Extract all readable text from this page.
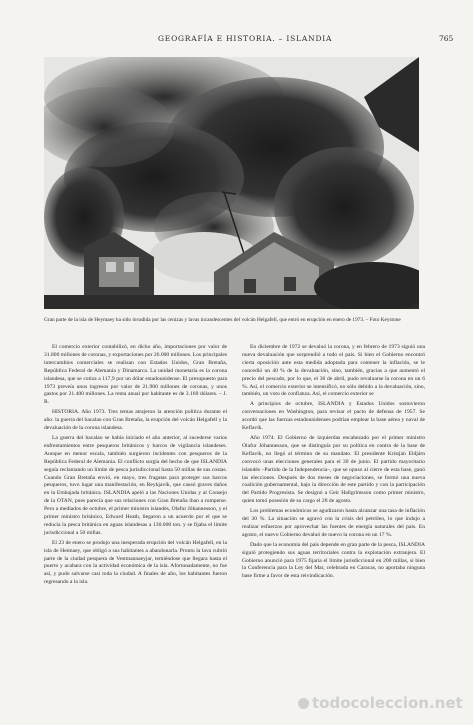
GEOGRAFÍA E HISTORIA. – ISLANDIA	765
Gran parte de la isla de Heymaey ha sido invadida por las cenizas y lavas incandescentes del volcán Helgafell, que entró en erupción en enero de 1973. – Foto Keystone

El comercio exterior contabilizó, en dicho año, importaciones por valor de 31.800 millones de coronas, y exportaciones por 26.000 millones. Los principales intercambios comerciales se realizan con Estados Unidos, Gran Bretaña, República Federal de Alemania y Dinamarca. La unidad monetaria es la corona islandesa, que se cotiza a 117,9 por un dólar estadounidense. El presupuesto para 1973 preveía unos ingresos por valor de 21.900 millones de coronas, y unos gastos por 21.400 millones. La renta anual por habitante es de 3.160 dólares. – J. R.

HISTORIA. Año 1973. Tres temas atrajeron la atención política durante el año: la guerra del bacalao con Gran Bretaña, la erupción del volcán Helgafell y la devaluación de la corona islandesa.

La guerra del bacalao se había iniciado el año anterior, al sucederse varios enfrentamientos entre pesqueros británicos y barcos de vigilancia islandeses. Aunque en menor escala, también surgieron incidentes con pesqueros de la República Federal de Alemania. El conflicto surgía del hecho de que ISLANDIA seguía reclamando un límite de pesca jurisdiccional hasta 50 millas de sus costas. Cuando Gran Bretaña envió, en mayo, tres fragatas para proteger sus barcos pesqueros, tuvo lugar una manifestación, en Reykjavík, que causó graves daños en la Embajada británica. ISLANDIA apeló a las Naciones Unidas y al Consejo de la OTAN, pues parecía que sus relaciones con Gran Bretaña iban a romperse. Pero a mediados de octubre, el primer ministro islandés, Olafur Jóhannesson, y el primer ministro británico, Edward Heath, llegaron a un acuerdo por el que se reducía la pesca británica en aguas islandesas a 130.000 ton. y se fijaba el límite jurisdiccional a 50 millas.

El 23 de enero se produjo una inesperada erupción del volcán Helgafell, en la isla de Heimaey, que obligó a sus habitantes a abandonarla. Pronto la lava cubrió parte de la ciudad pesquera de Vestmannaeyjar, temiéndose que llegara hasta el puerto y acabara con la actividad económica de la isla. Afortunadamente, no fue así, y pudo salvarse casi toda la ciudad. A finales de año, los habitantes fueron regresando a la isla.

En diciembre de 1972 se devaluó la corona, y en febrero de 1973 siguió una nueva devaluación que sorprendió a todo el país. Si bien el Gobierno encontró cierta oposición ante esta medida adoptada para contener la inflación, se le concedió un 40 % de la devaluación, sino, también, gracias a que aumentó el precio del pescado, por lo que, el 30 de abril, pudo revaluarse la corona en un 6 %. Así, el comercio exterior se intensificó, no sólo debido a la devaluación, sino, también, un voto de confianza. Así, el comercio exterior se

A principios de octubre, ISLANDIA y Estados Unidos sostuvieron conversaciones en Washington, para revisar el pacto de defensa de 1957. Se acordó que las fuerzas estadounidenses podrían emplear la base aérea y naval de Keflavík.

Año 1974. El Gobierno de izquierdas encabezado por el primer ministro Olafur Jóhannesson, que se distinguía por su política en contra de la base de Keflavík, no llegó al término de su mandato. El presidente Kristján Eldjárn convocó unas elecciones generales para el 30 de junio. El partido mayoritario islandés –Partido de la Independencia–, que se opuso al cierre de esta base, ganó las elecciones. Después de dos meses de negociaciones, se formó una nueva coalición gubernamental, bajo la dirección de este partido y con la participación del Partido Progresista. Se designó a Geir Hallgrímsson como primer ministro, quien tomó posesión de su cargo el 28 de agosto.

Los problemas económicos se agudizaron hasta alcanzar una tasa de inflación del 30 %. La situación se agravó con la crisis del petróleo, lo que indujo a realizar esfuerzos por aprovechar las fuentes de energía naturales del país. En agosto, el nuevo Gobierno devaluó de nuevo la corona en un 17 %.

Dado que la economía del país depende en gran parte de la pesca, ISLANDIA siguió protegiendo sus aguas territoriales contra la explotación extranjera. El Gobierno anunció para 1975 fijaría el límite jurisdiccional en 200 millas, si bien la Conferencia para la Ley del Mar, celebrada en Caracas, no aportaba ninguna base firme a favor de esta reivindicación.

todocoleccion.net
